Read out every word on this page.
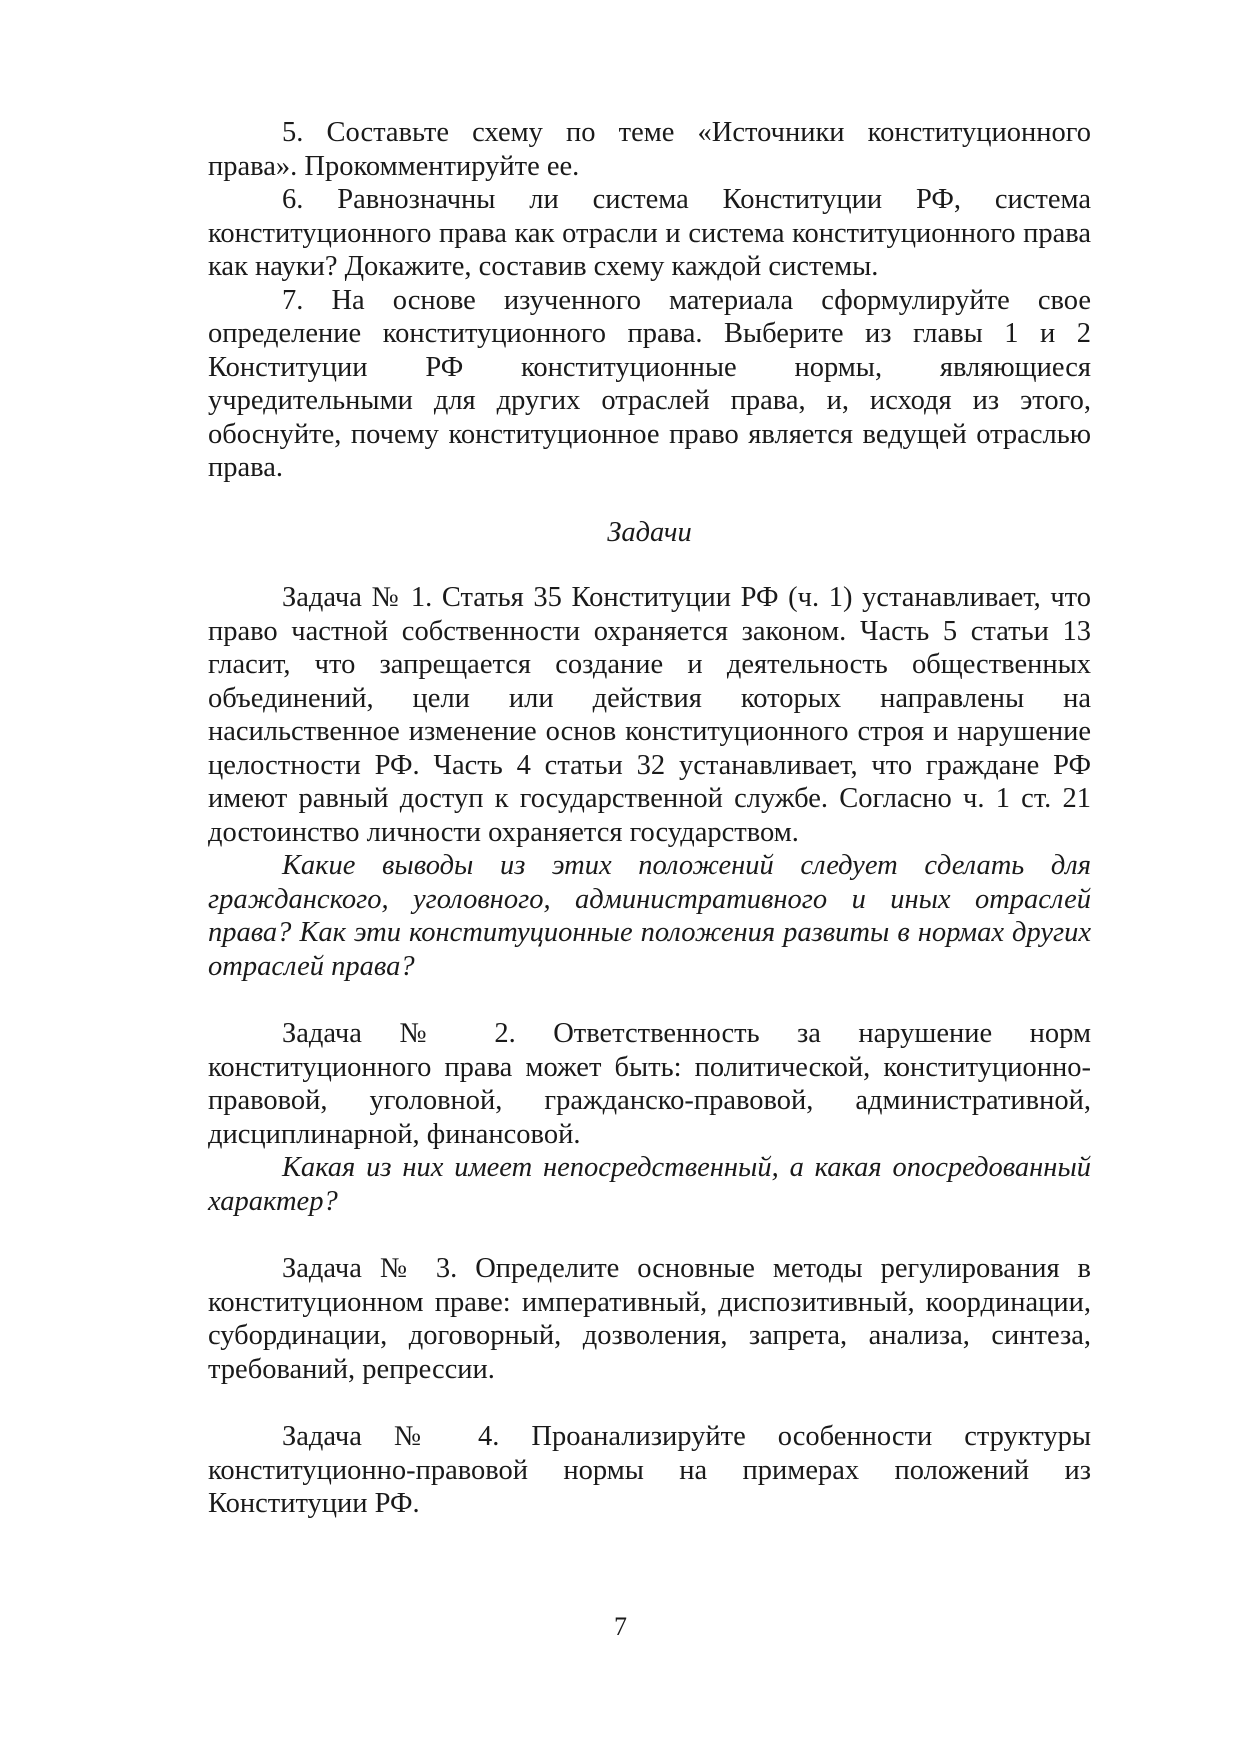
5. Составьте схему по теме «Источники конституционного права». Прокомментируйте ее.

6. Равнозначны ли система Конституции РФ, система конституционного права как отрасли и система конституционного права как науки? Докажите, составив схему каждой системы.

7. На основе изученного материала сформулируйте свое определение конституционного права. Выберите из главы 1 и 2 Конституции РФ конституционные нормы, являющиеся учредительными для других отраслей права, и, исходя из этого, обоснуйте, почему конституционное право является ведущей отраслью права.

Задачи

Задача № 1. Статья 35 Конституции РФ (ч. 1) устанавливает, что право частной собственности охраняется законом. Часть 5 статьи 13 гласит, что запрещается создание и деятельность общественных объединений, цели или действия которых направлены на насильственное изменение основ конституционного строя и нарушение целостности РФ. Часть 4 статьи 32 устанавливает, что граждане РФ имеют равный доступ к государственной службе. Согласно ч. 1 ст. 21 достоинство личности охраняется государством.

Какие выводы из этих положений следует сделать для гражданского, уголовного, административного и иных отраслей права? Как эти конституционные положения развиты в нормах других отраслей права?

Задача № 2. Ответственность за нарушение норм конституционного права может быть: политической, конституционно-правовой, уголовной, гражданско-правовой, административной, дисциплинарной, финансовой.

Какая из них имеет непосредственный, а какая опосредованный характер?

Задача № 3. Определите основные методы регулирования в конституционном праве: императивный, диспозитивный, координации, субординации, договорный, дозволения, запрета, анализа, синтеза, требований, репрессии.

Задача № 4. Проанализируйте особенности структуры конституционно-правовой нормы на примерах положений из Конституции РФ.

7
